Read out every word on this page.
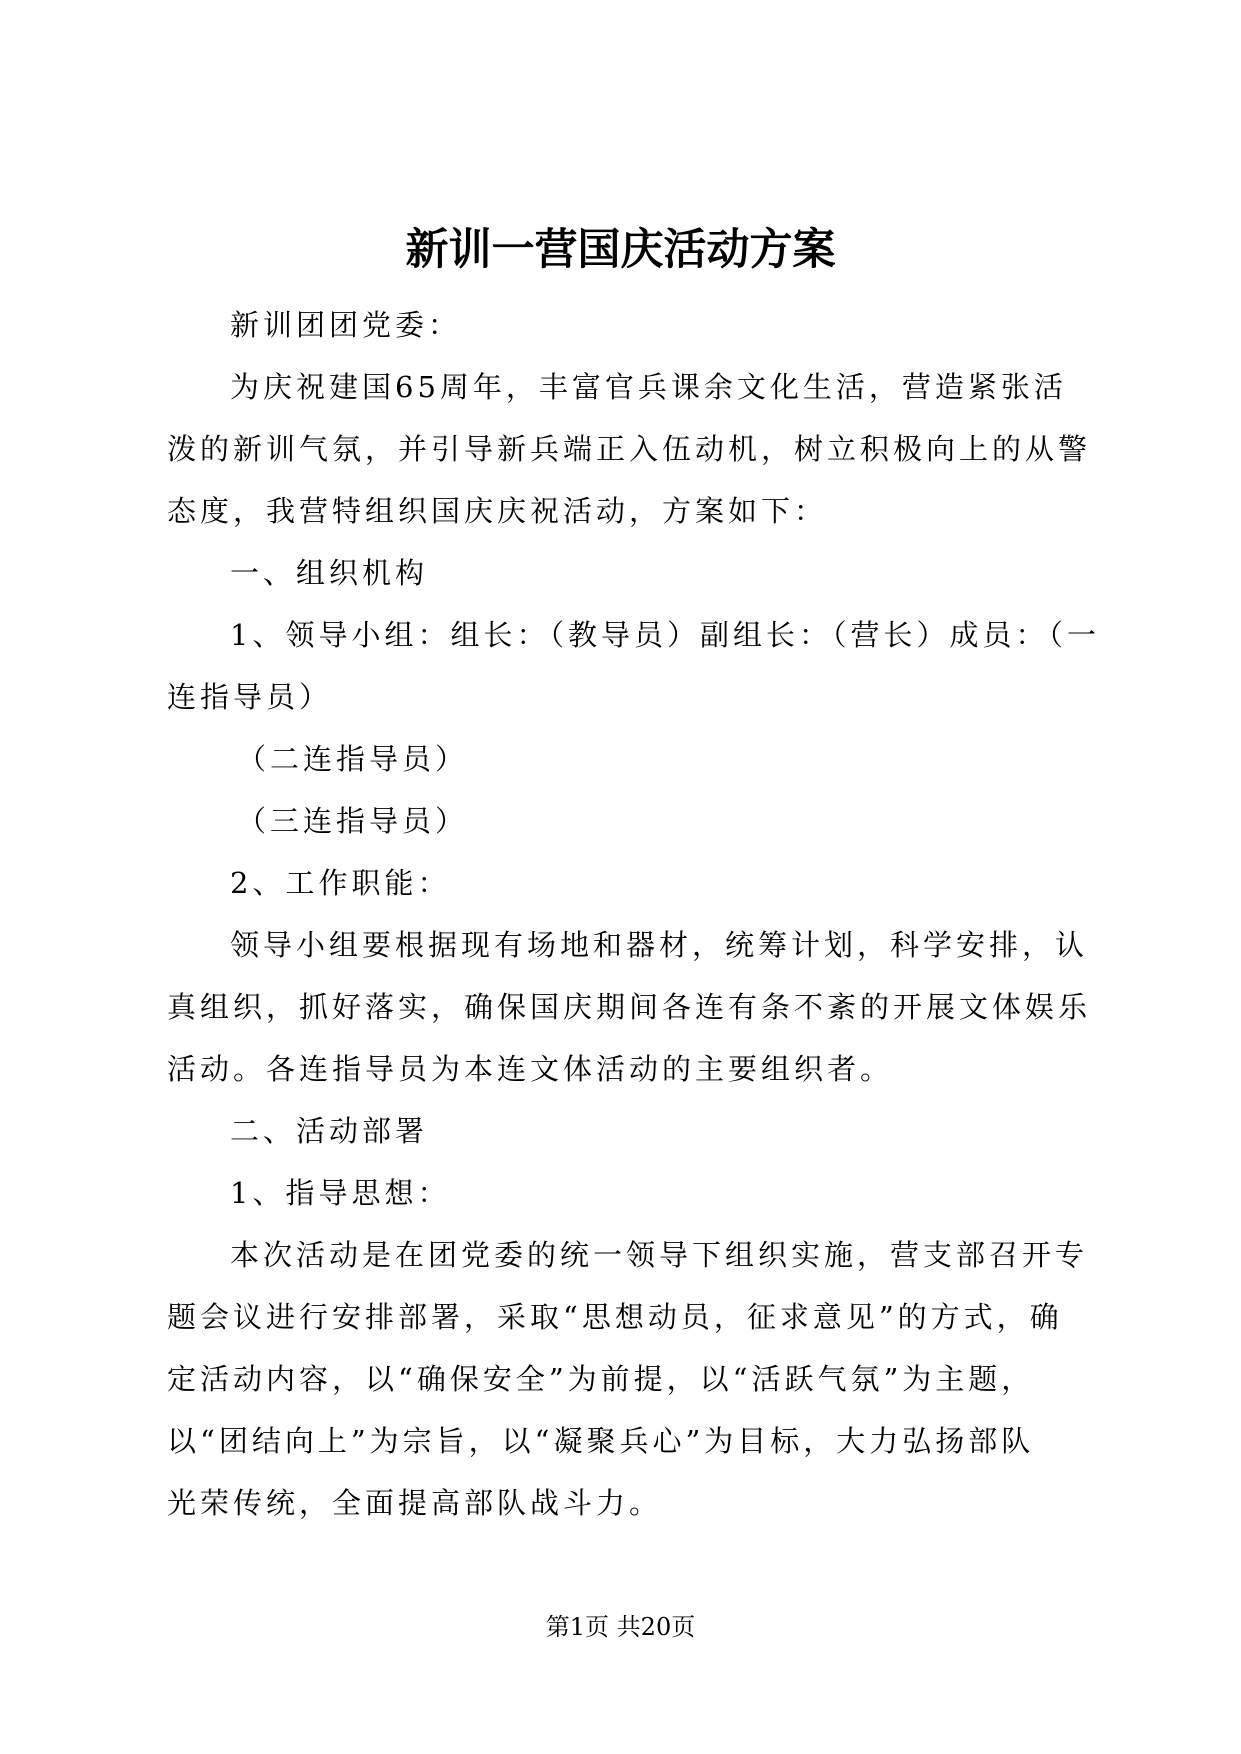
新训一营国庆活动方案
新训团团党委：
为庆祝建国65周年，丰富官兵课余文化生活，营造紧张活
泼的新训气氛，并引导新兵端正入伍动机，树立积极向上的从警
态度，我营特组织国庆庆祝活动，方案如下：
一、组织机构
1、领导小组：组长：（教导员）副组长：（营长）成员：（一
连指导员）
（二连指导员）
（三连指导员）
2、工作职能：
领导小组要根据现有场地和器材，统筹计划，科学安排，认
真组织，抓好落实，确保国庆期间各连有条不紊的开展文体娱乐
活动。各连指导员为本连文体活动的主要组织者。
二、活动部署
1、指导思想：
本次活动是在团党委的统一领导下组织实施，营支部召开专
题会议进行安排部署，采取“思想动员，征求意见”的方式，确
定活动内容，以“确保安全”为前提，以“活跃气氛”为主题，
以“团结向上”为宗旨，以“凝聚兵心”为目标，大力弘扬部队
光荣传统，全面提高部队战斗力。
第1页 共20页
